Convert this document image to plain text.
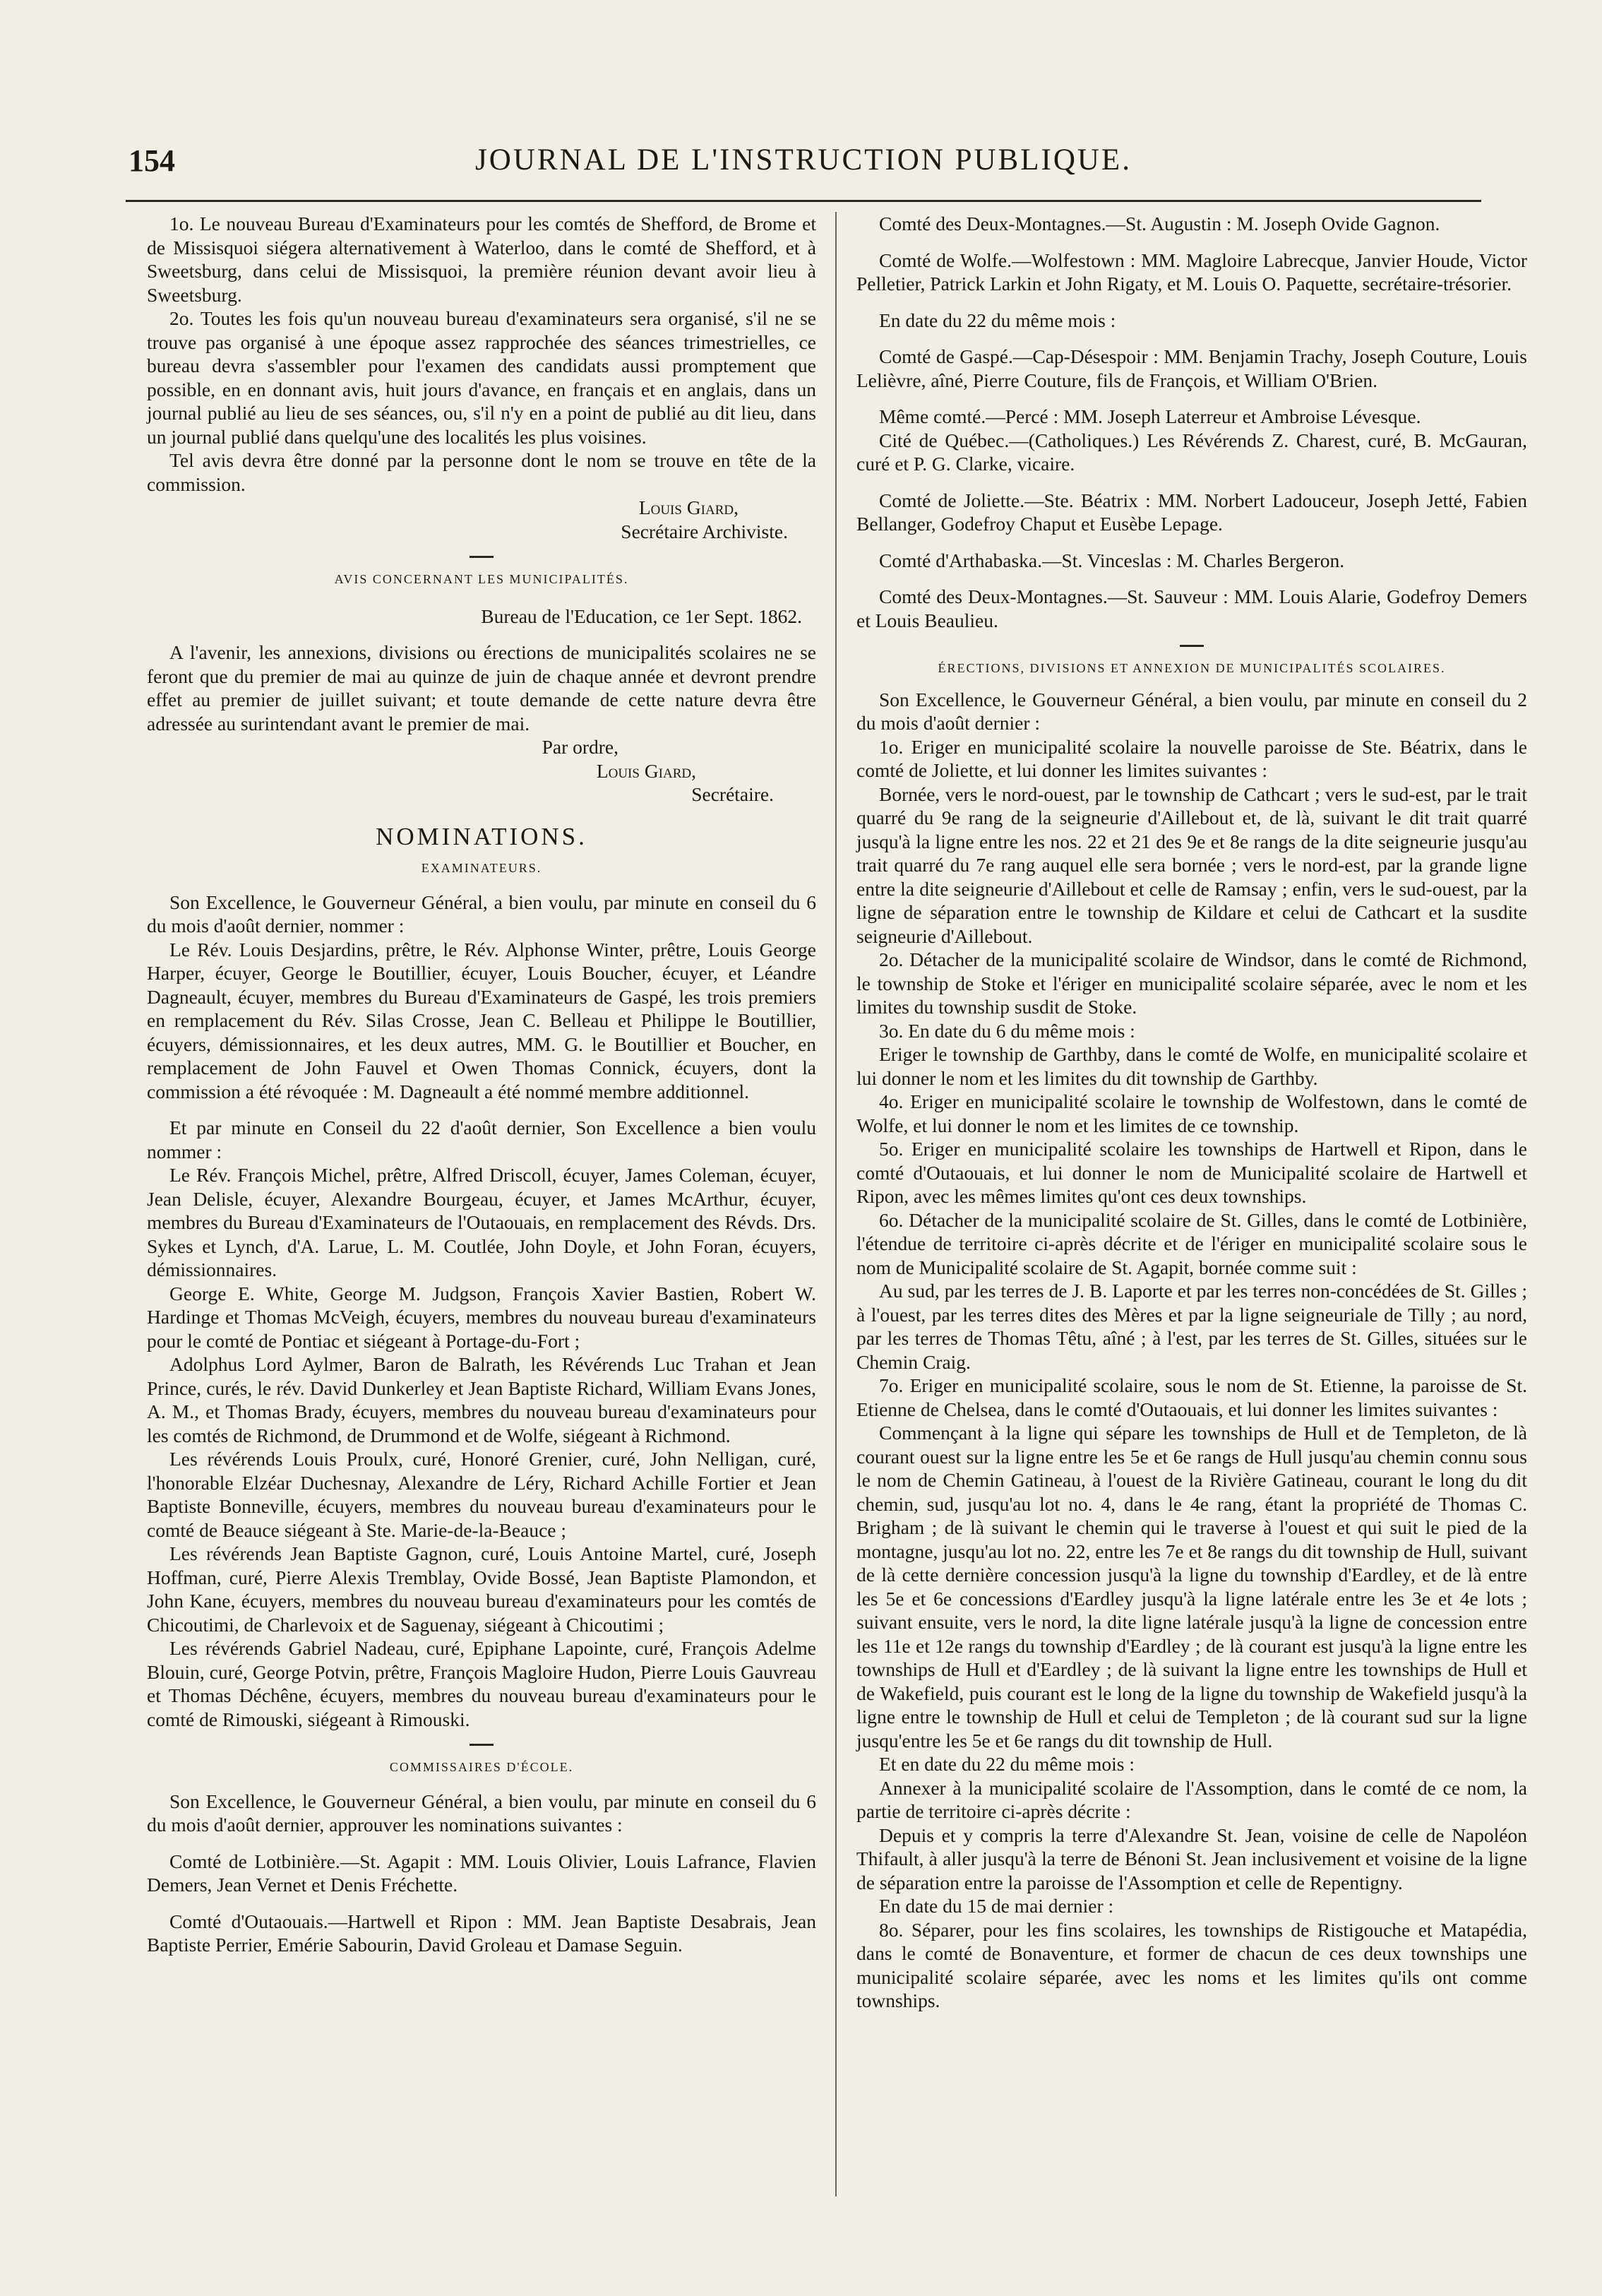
154	JOURNAL DE L'INSTRUCTION PUBLIQUE.

1o. Le nouveau Bureau d'Examinateurs pour les comtés de Shefford, de Brome et de Missisquoi siégera alternativement à Waterloo, dans le comté de Shefford, et à Sweetsburg, dans celui de Missisquoi, la première réunion devant avoir lieu à Sweetsburg.

2o. Toutes les fois qu'un nouveau bureau d'examinateurs sera organisé, s'il ne se trouve pas organisé à une époque assez rapprochée des séances trimestrielles, ce bureau devra s'assembler pour l'examen des candidats aussi promptement que possible, en en donnant avis, huit jours d'avance, en français et en anglais, dans un journal publié au lieu de ses séances, ou, s'il n'y en a point de publié au dit lieu, dans un journal publié dans quelqu'une des localités les plus voisines.

Tel avis devra être donné par la personne dont le nom se trouve en tête de la commission.

Louis Giard,

Secrétaire Archiviste.

AVIS CONCERNANT LES MUNICIPALITÉS.

Bureau de l'Education, ce 1er Sept. 1862.

A l'avenir, les annexions, divisions ou érections de municipalités scolaires ne se feront que du premier de mai au quinze de juin de chaque année et devront prendre effet au premier de juillet suivant; et toute demande de cette nature devra être adressée au surintendant avant le premier de mai.

Par ordre,

Louis Giard,

Secrétaire.

NOMINATIONS.

EXAMINATEURS.

Son Excellence, le Gouverneur Général, a bien voulu, par minute en conseil du 6 du mois d'août dernier, nommer :

Le Rév. Louis Desjardins, prêtre, le Rév. Alphonse Winter, prêtre, Louis George Harper, écuyer, George le Boutillier, écuyer, Louis Boucher, écuyer, et Léandre Dagneault, écuyer, membres du Bureau d'Examinateurs de Gaspé, les trois premiers en remplacement du Rév. Silas Crosse, Jean C. Belleau et Philippe le Boutillier, écuyers, démissionnaires, et les deux autres, MM. G. le Boutillier et Boucher, en remplacement de John Fauvel et Owen Thomas Connick, écuyers, dont la commission a été révoquée : M. Dagneault a été nommé membre additionnel.

Et par minute en Conseil du 22 d'août dernier, Son Excellence a bien voulu nommer :

Le Rév. François Michel, prêtre, Alfred Driscoll, écuyer, James Coleman, écuyer, Jean Delisle, écuyer, Alexandre Bourgeau, écuyer, et James McArthur, écuyer, membres du Bureau d'Examinateurs de l'Outaouais, en remplacement des Révds. Drs. Sykes et Lynch, d'A. Larue, L. M. Coutlée, John Doyle, et John Foran, écuyers, démissionnaires.

George E. White, George M. Judgson, François Xavier Bastien, Robert W. Hardinge et Thomas McVeigh, écuyers, membres du nouveau bureau d'examinateurs pour le comté de Pontiac et siégeant à Portage-du-Fort ;

Adolphus Lord Aylmer, Baron de Balrath, les Révérends Luc Trahan et Jean Prince, curés, le rév. David Dunkerley et Jean Baptiste Richard, William Evans Jones, A. M., et Thomas Brady, écuyers, membres du nouveau bureau d'examinateurs pour les comtés de Richmond, de Drummond et de Wolfe, siégeant à Richmond.

Les révérends Louis Proulx, curé, Honoré Grenier, curé, John Nelligan, curé, l'honorable Elzéar Duchesnay, Alexandre de Léry, Richard Achille Fortier et Jean Baptiste Bonneville, écuyers, membres du nouveau bureau d'examinateurs pour le comté de Beauce siégeant à Ste. Marie-de-la-Beauce ;

Les révérends Jean Baptiste Gagnon, curé, Louis Antoine Martel, curé, Joseph Hoffman, curé, Pierre Alexis Tremblay, Ovide Bossé, Jean Baptiste Plamondon, et John Kane, écuyers, membres du nouveau bureau d'examinateurs pour les comtés de Chicoutimi, de Charlevoix et de Saguenay, siégeant à Chicoutimi ;

Les révérends Gabriel Nadeau, curé, Epiphane Lapointe, curé, François Adelme Blouin, curé, George Potvin, prêtre, François Magloire Hudon, Pierre Louis Gauvreau et Thomas Déchêne, écuyers, membres du nouveau bureau d'examinateurs pour le comté de Rimouski, siégeant à Rimouski.

COMMISSAIRES D'ÉCOLE.

Son Excellence, le Gouverneur Général, a bien voulu, par minute en conseil du 6 du mois d'août dernier, approuver les nominations suivantes :

Comté de Lotbinière.—St. Agapit : MM. Louis Olivier, Louis Lafrance, Flavien Demers, Jean Vernet et Denis Fréchette.

Comté d'Outaouais.—Hartwell et Ripon : MM. Jean Baptiste Desabrais, Jean Baptiste Perrier, Emérie Sabourin, David Groleau et Damase Seguin.

Comté des Deux-Montagnes.—St. Augustin : M. Joseph Ovide Gagnon.

Comté de Wolfe.—Wolfestown : MM. Magloire Labrecque, Janvier Houde, Victor Pelletier, Patrick Larkin et John Rigaty, et M. Louis O. Paquette, secrétaire-trésorier.

En date du 22 du même mois :

Comté de Gaspé.—Cap-Désespoir : MM. Benjamin Trachy, Joseph Couture, Louis Lelièvre, aîné, Pierre Couture, fils de François, et William O'Brien.

Même comté.—Percé : MM. Joseph Laterreur et Ambroise Lévesque.

Cité de Québec.—(Catholiques.) Les Révérends Z. Charest, curé, B. McGauran, curé et P. G. Clarke, vicaire.

Comté de Joliette.—Ste. Béatrix : MM. Norbert Ladouceur, Joseph Jetté, Fabien Bellanger, Godefroy Chaput et Eusèbe Lepage.

Comté d'Arthabaska.—St. Vinceslas : M. Charles Bergeron.

Comté des Deux-Montagnes.—St. Sauveur : MM. Louis Alarie, Godefroy Demers et Louis Beaulieu.

ÉRECTIONS, DIVISIONS ET ANNEXION DE MUNICIPALITÉS SCOLAIRES.

Son Excellence, le Gouverneur Général, a bien voulu, par minute en conseil du 2 du mois d'août dernier :

1o. Eriger en municipalité scolaire la nouvelle paroisse de Ste. Béatrix, dans le comté de Joliette, et lui donner les limites suivantes :

Bornée, vers le nord-ouest, par le township de Cathcart ; vers le sud-est, par le trait quarré du 9e rang de la seigneurie d'Aillebout et, de là, suivant le dit trait quarré jusqu'à la ligne entre les nos. 22 et 21 des 9e et 8e rangs de la dite seigneurie jusqu'au trait quarré du 7e rang auquel elle sera bornée ; vers le nord-est, par la grande ligne entre la dite seigneurie d'Aillebout et celle de Ramsay ; enfin, vers le sud-ouest, par la ligne de séparation entre le township de Kildare et celui de Cathcart et la susdite seigneurie d'Aillebout.

2o. Détacher de la municipalité scolaire de Windsor, dans le comté de Richmond, le township de Stoke et l'ériger en municipalité scolaire séparée, avec le nom et les limites du township susdit de Stoke.

3o. En date du 6 du même mois :

Eriger le township de Garthby, dans le comté de Wolfe, en municipalité scolaire et lui donner le nom et les limites du dit township de Garthby.

4o. Eriger en municipalité scolaire le township de Wolfestown, dans le comté de Wolfe, et lui donner le nom et les limites de ce township.

5o. Eriger en municipalité scolaire les townships de Hartwell et Ripon, dans le comté d'Outaouais, et lui donner le nom de Municipalité scolaire de Hartwell et Ripon, avec les mêmes limites qu'ont ces deux townships.

6o. Détacher de la municipalité scolaire de St. Gilles, dans le comté de Lotbinière, l'étendue de territoire ci-après décrite et de l'ériger en municipalité scolaire sous le nom de Municipalité scolaire de St. Agapit, bornée comme suit :

Au sud, par les terres de J. B. Laporte et par les terres non-concédées de St. Gilles ; à l'ouest, par les terres dites des Mères et par la ligne seigneuriale de Tilly ; au nord, par les terres de Thomas Têtu, aîné ; à l'est, par les terres de St. Gilles, situées sur le Chemin Craig.

7o. Eriger en municipalité scolaire, sous le nom de St. Etienne, la paroisse de St. Etienne de Chelsea, dans le comté d'Outaouais, et lui donner les limites suivantes :

Commençant à la ligne qui sépare les townships de Hull et de Templeton, de là courant ouest sur la ligne entre les 5e et 6e rangs de Hull jusqu'au chemin connu sous le nom de Chemin Gatineau, à l'ouest de la Rivière Gatineau, courant le long du dit chemin, sud, jusqu'au lot no. 4, dans le 4e rang, étant la propriété de Thomas C. Brigham ; de là suivant le chemin qui le traverse à l'ouest et qui suit le pied de la montagne, jusqu'au lot no. 22, entre les 7e et 8e rangs du dit township de Hull, suivant de là cette dernière concession jusqu'à la ligne du township d'Eardley, et de là entre les 5e et 6e concessions d'Eardley jusqu'à la ligne latérale entre les 3e et 4e lots ; suivant ensuite, vers le nord, la dite ligne latérale jusqu'à la ligne de concession entre les 11e et 12e rangs du township d'Eardley ; de là courant est jusqu'à la ligne entre les townships de Hull et d'Eardley ; de là suivant la ligne entre les townships de Hull et de Wakefield, puis courant est le long de la ligne du township de Wakefield jusqu'à la ligne entre le township de Hull et celui de Templeton ; de là courant sud sur la ligne jusqu'entre les 5e et 6e rangs du dit township de Hull.

Et en date du 22 du même mois :

Annexer à la municipalité scolaire de l'Assomption, dans le comté de ce nom, la partie de territoire ci-après décrite :

Depuis et y compris la terre d'Alexandre St. Jean, voisine de celle de Napoléon Thifault, à aller jusqu'à la terre de Bénoni St. Jean inclusivement et voisine de la ligne de séparation entre la paroisse de l'Assomption et celle de Repentigny.

En date du 15 de mai dernier :

8o. Séparer, pour les fins scolaires, les townships de Ristigouche et Matapédia, dans le comté de Bonaventure, et former de chacun de ces deux townships une municipalité scolaire séparée, avec les noms et les limites qu'ils ont comme townships.
